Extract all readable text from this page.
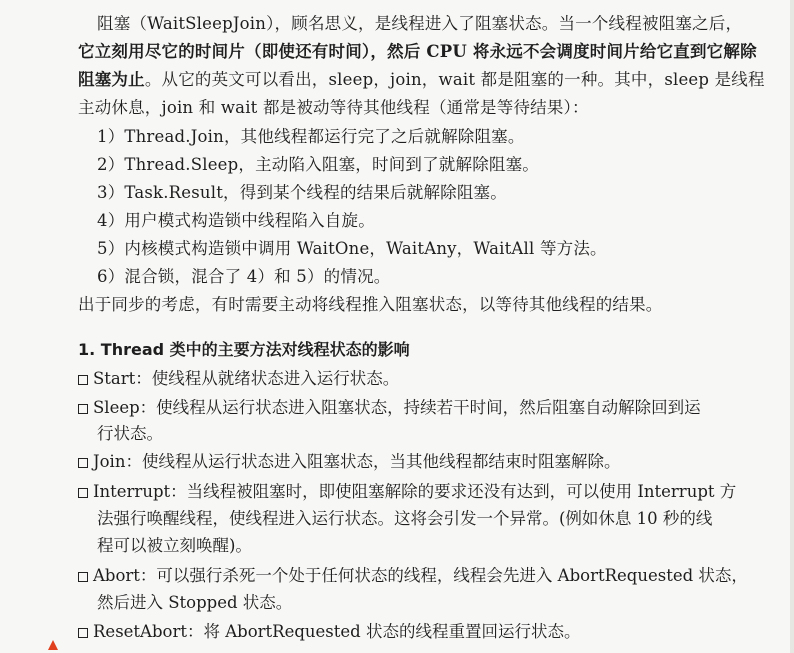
阻塞（WaitSleepJoin），顾名思义，是线程进入了阻塞状态。当一个线程被阻塞之后，
它立刻用尽它的时间片（即使还有时间），然后 CPU 将永远不会调度时间片给它直到它解除
阻塞为止。从它的英文可以看出，sleep，join，wait 都是阻塞的一种。其中，sleep 是线程
主动休息，join 和 wait 都是被动等待其他线程（通常是等待结果）：
1）Thread.Join，其他线程都运行完了之后就解除阻塞。
2）Thread.Sleep，主动陷入阻塞，时间到了就解除阻塞。
3）Task.Result，得到某个线程的结果后就解除阻塞。
4）用户模式构造锁中线程陷入自旋。
5）内核模式构造锁中调用 WaitOne，WaitAny，WaitAll 等方法。
6）混合锁，混合了 4）和 5）的情况。
出于同步的考虑，有时需要主动将线程推入阻塞状态，以等待其他线程的结果。
1. Thread 类中的主要方法对线程状态的影响
Start：使线程从就绪状态进入运行状态。
Sleep：使线程从运行状态进入阻塞状态，持续若干时间，然后阻塞自动解除回到运
行状态。
Join：使线程从运行状态进入阻塞状态，当其他线程都结束时阻塞解除。
Interrupt：当线程被阻塞时，即使阻塞解除的要求还没有达到，可以使用 Interrupt 方
法强行唤醒线程，使线程进入运行状态。这将会引发一个异常。(例如休息 10 秒的线
程可以被立刻唤醒)。
Abort：可以强行杀死一个处于任何状态的线程，线程会先进入 AbortRequested 状态，
然后进入 Stopped 状态。
ResetAbort：将 AbortRequested 状态的线程重置回运行状态。
